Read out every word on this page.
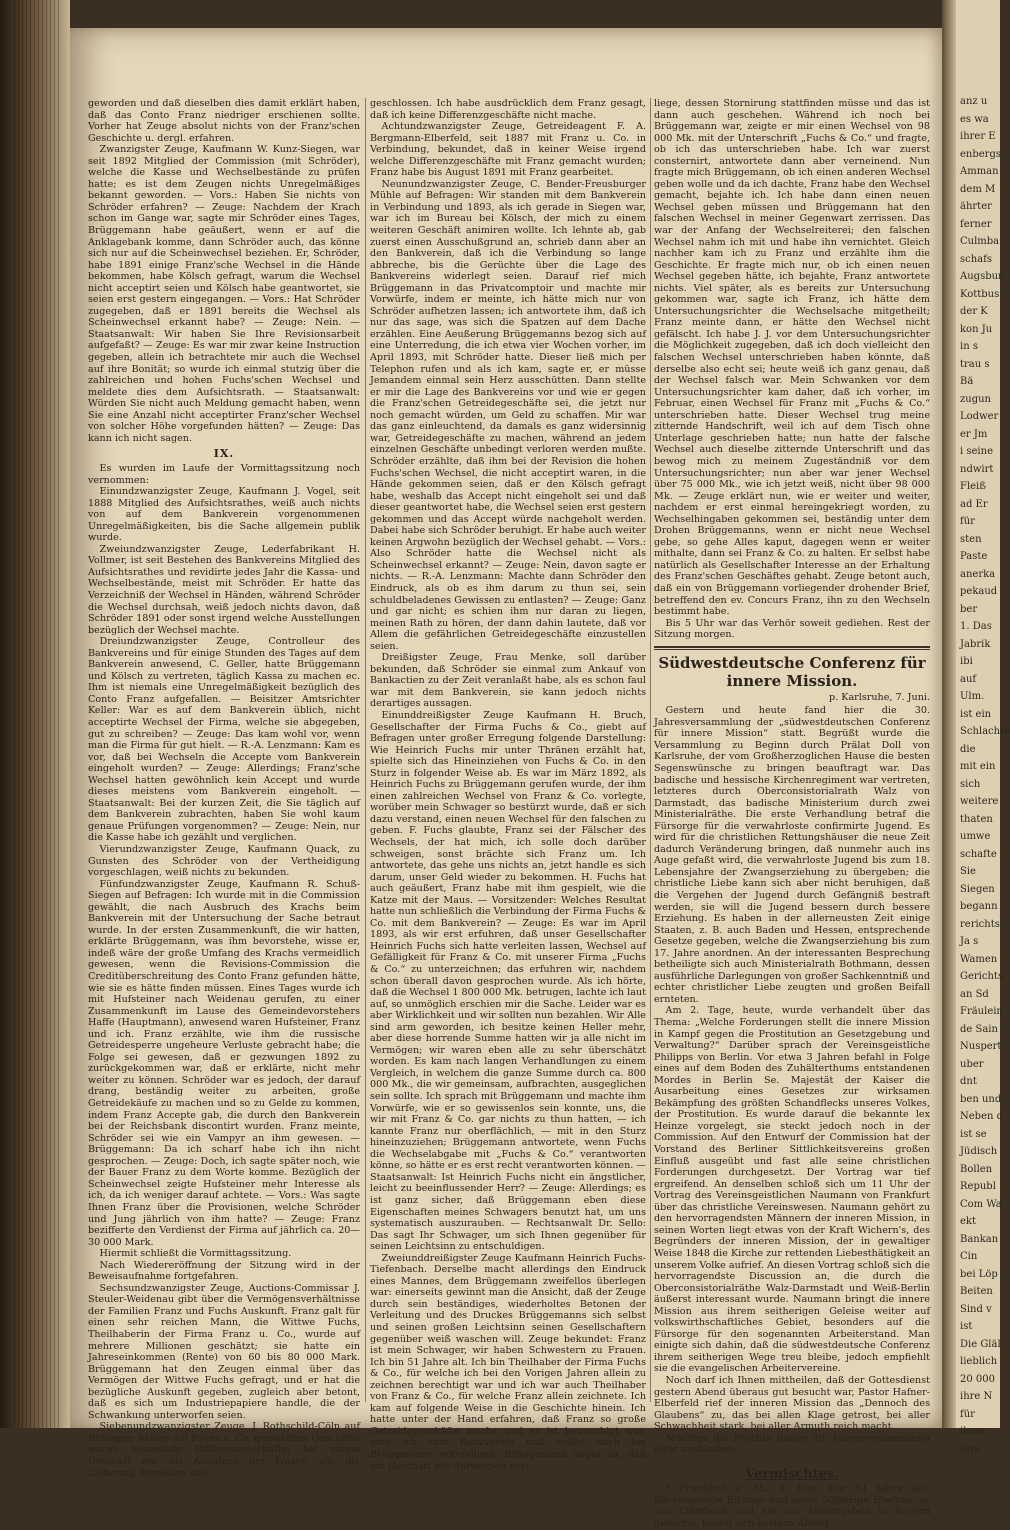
geworden und daß dieselben dies damit erklärt haben, daß das Conto Franz niedriger erschienen sollte. Vorher hat Zeuge absolut nichts von der Franz'schen Geschichte u. dergl. erfahren.

Zwanzigster Zeuge, Kaufmann W. Kunz-Siegen, war seit 1892 Mitglied der Commission (mit Schröder), welche die Kasse und Wechselbestände zu prüfen hatte; es ist dem Zeugen nichts Unregelmäßiges bekannt geworden. — Vors.: Haben Sie nichts von Schröder erfahren? — Zeuge: Nachdem der Krach schon im Gange war, sagte mir Schröder eines Tages, Brüggemann habe geäußert, wenn er auf die Anklagebank komme, dann Schröder auch, das könne sich nur auf die Scheinwechsel beziehen. Er, Schröder, habe 1891 einige Franz'sche Wechsel in die Hände bekommen, habe Kölsch gefragt, warum die Wechsel nicht acceptirt seien und Kölsch habe geantwortet, sie seien erst gestern eingegangen. — Vors.: Hat Schröder zugegeben, daß er 1891 bereits die Wechsel als Scheinwechsel erkannt habe? — Zeuge: Nein. — Staatsanwalt: Wir haben Sie Ihre Revisionsarbeit aufgefaßt? — Zeuge: Es war mir zwar keine Instruction gegeben, allein ich betrachtete mir auch die Wechsel auf ihre Bonität; so wurde ich einmal stutzig über die zahlreichen und hohen Fuchs'schen Wechsel und meldete dies dem Aufsichtsrath. — Staatsanwalt: Würden Sie nicht auch Meldung gemacht haben, wenn Sie eine Anzahl nicht acceptirter Franz'scher Wechsel von solcher Höhe vorgefunden hätten? — Zeuge: Das kann ich nicht sagen.

IX.

Es wurden im Laufe der Vormittagssitzung noch vernommen:

Einundzwanzigster Zeuge, Kaufmann J. Vogel, seit 1888 Mitglied des Aufsichtsrathes, weiß auch nichts von auf dem Bankverein vorgenommenen Unregelmäßigkeiten, bis die Sache allgemein publik wurde.

Zweiundzwanzigster Zeuge, Lederfabrikant H. Vollmer, ist seit Bestehen des Bankvereins Mitglied des Aufsichtsrathes und revidirte jedes Jahr die Kassa- und Wechselbestände, meist mit Schröder. Er hatte das Verzeichniß der Wechsel in Händen, während Schröder die Wechsel durchsah, weiß jedoch nichts davon, daß Schröder 1891 oder sonst irgend welche Ausstellungen bezüglich der Wechsel machte.

Dreiundzwanzigster Zeuge, Controlleur des Bankvereins und für einige Stunden des Tages auf dem Bankverein anwesend, C. Geller, hatte Brüggemann und Kölsch zu vertreten, täglich Kassa zu machen ec. Ihm ist niemals eine Unregelmäßigkeit bezüglich des Conto Franz aufgefallen. — Beisitzer Amtsrichter Keller: War es auf dem Bankverein üblich, nicht acceptirte Wechsel der Firma, welche sie abgegeben, gut zu schreiben? — Zeuge: Das kam wohl vor, wenn man die Firma für gut hielt. — R.-A. Lenzmann: Kam es vor, daß bei Wechseln die Accepte vom Bankverein eingeholt wurden? — Zeuge: Allerdings; Franz'sche Wechsel hatten gewöhnlich kein Accept und wurde dieses meistens vom Bankverein eingeholt. — Staatsanwalt: Bei der kurzen Zeit, die Sie täglich auf dem Bankverein zubrachten, haben Sie wohl kaum genaue Prüfungen vorgenommen? — Zeuge: Nein, nur die Kasse habe ich gezählt und verglichen.

Vierundzwanzigster Zeuge, Kaufmann Quack, zu Gunsten des Schröder von der Vertheidigung vorgeschlagen, weiß nichts zu bekunden.

Fünfundzwanzigster Zeuge, Kaufmann R. Schuß-Siegen auf Befragen: Ich wurde mit in die Commission gewählt, die nach Ausbruch des Krachs beim Bankverein mit der Untersuchung der Sache betraut wurde. In der ersten Zusammenkunft, die wir hatten, erklärte Brüggemann, was ihm bevorstehe, wisse er, indeß wäre der große Umfang des Krachs vermeidlich gewesen, wenn die Revisions-Commission die Creditüberschreitung des Conto Franz gefunden hätte, wie sie es hätte finden müssen. Eines Tages wurde ich mit Hufsteiner nach Weidenau gerufen, zu einer Zusammenkunft im Lause des Gemeindevorstehers Haffe (Hauptmann), anwesend waren Hufsteiner, Franz und ich. Franz erzählte, wie ihm die russische Getreidesperre ungeheure Verluste gebracht habe; die Folge sei gewesen, daß er gezwungen 1892 zu zurückgekommen war, daß er erklärte, nicht mehr weiter zu können. Schröder war es jedoch, der darauf drang, beständig weiter zu arbeiten, große Getreidekäufe zu machen und so zu Gelde zu kommen, indem Franz Accepte gab, die durch den Bankverein bei der Reichsbank discontirt wurden. Franz meinte, Schröder sei wie ein Vampyr an ihm gewesen. — Brüggemann: Da ich scharf habe ich ihn nicht gesprochen. — Zeuge: Doch, ich sagte später noch, wie der Bauer Franz zu dem Worte komme. Bezüglich der Scheinwechsel zeigte Hufsteiner mehr Interesse als ich, da ich weniger darauf achtete. — Vors.: Was sagte Ihnen Franz über die Provisionen, welche Schröder und Jung jährlich von ihm hatte? — Zeuge: Franz bezifferte den Verdienst der Firma auf jährlich ca. 20—30 000 Mark.

Hiermit schließt die Vormittagssitzung.

Nach Wiedereröffnung der Sitzung wird in der Beweisaufnahme fortgefahren.

Sechsundzwanzigster Zeuge, Auctions-Commissar J. Steuler-Weidenau gibt über die Vermögensverhältnisse der Familien Franz und Fuchs Auskunft. Franz galt für einen sehr reichen Mann, die Wittwe Fuchs, Theilhaberin der Firma Franz u. Co., wurde auf mehrere Millionen geschätzt; sie hatte ein Jahreseinkommen (Rente) von 60 bis 80 000 Mark. Brüggemann hat den Zeugen einmal über das Vermögen der Wittwe Fuchs gefragt, und er hat die bezügliche Auskunft gegeben, zugleich aber betont, daß es sich um Industriepapiere handle, die der Schwankung unterworfen seien.

Siebenundzwanzigster Zeuge, J. Rothschild-Cöln auf Befragen: Meine mit Franz u. Co. gemachten Geschäfte waren keinesfalls Differenzgeschäfte; bei einem Geschäft war die Abnahme der Waare, wie die Lieferung derselben aus-

geschlossen. Ich habe ausdrücklich dem Franz gesagt, daß ich keine Differenzgeschäfte nicht mache.

Achtundzwanzigster Zeuge, Getreideagent F. A. Bergmann-Elberfeld, seit 1887 mit Franz u. Co. in Verbindung, bekundet, daß in keiner Weise irgend welche Differenzgeschäfte mit Franz gemacht wurden; Franz habe bis August 1891 mit Franz gearbeitet.

Neunundzwanzigster Zeuge, C. Bender-Freusburger Mühle auf Befragen: Wir standen mit dem Bankverein in Verbindung und 1893, als ich gerade in Siegen war, war ich im Bureau bei Kölsch, der mich zu einem weiteren Geschäft animiren wollte. Ich lehnte ab, gab zuerst einen Ausschußgrund an, schrieb dann aber an den Bankverein, daß ich die Verbindung so lange abbreche, bis die Gerüchte über die Lage des Bankvereins widerlegt seien. Darauf rief mich Brüggemann in das Privatcomptoir und machte mir Vorwürfe, indem er meinte, ich hätte mich nur von Schröder aufhetzen lassen; ich antwortete ihm, daß ich nur das sage, was sich die Spatzen auf dem Dache erzählen. Eine Aeußerung Brüggemanns bezog sich auf eine Unterredung, die ich etwa vier Wochen vorher, im April 1893, mit Schröder hatte. Dieser ließ mich per Telephon rufen und als ich kam, sagte er, er müsse Jemandem einmal sein Herz ausschütten. Dann stellte er mir die Lage des Bankvereins vor und wie er gegen die Franz'schen Getreidegeschäfte sei, die jetzt nur noch gemacht würden, um Geld zu schaffen. Mir war das ganz einleuchtend, da damals es ganz widersinnig war, Getreidegeschäfte zu machen, während an jedem einzelnen Geschäfte unbedingt verloren werden mußte. Schröder erzählte, daß ihm bei der Revision die hohen Fuchs'schen Wechsel, die nicht acceptirt waren, in die Hände gekommen seien, daß er den Kölsch gefragt habe, weshalb das Accept nicht eingeholt sei und daß dieser geantwortet habe, die Wechsel seien erst gestern gekommen und das Accept würde nachgeholt werden. Dabei habe sich Schröder beruhigt. Er habe auch weiter keinen Argwohn bezüglich der Wechsel gehabt. — Vors.: Also Schröder hatte die Wechsel nicht als Scheinwechsel erkannt? — Zeuge: Nein, davon sagte er nichts. — R.-A. Lenzmann: Machte dann Schröder den Eindruck, als ob es ihm darum zu thun sei, sein schuldbeladenes Gewissen zu entlasten? — Zeuge: Ganz und gar nicht; es schien ihm nur daran zu liegen, meinen Rath zu hören, der dann dahin lautete, daß vor Allem die gefährlichen Getreidegeschäfte einzustellen seien.

Dreißigster Zeuge, Frau Menke, soll darüber bekunden, daß Schröder sie einmal zum Ankauf von Bankactien zu der Zeit veranlaßt habe, als es schon faul war mit dem Bankverein, sie kann jedoch nichts derartiges aussagen.

Einunddreißigster Zeuge Kaufmann H. Bruch, Gesellschafter der Firma Fuchs & Co., giebt auf Befragen unter großer Erregung folgende Darstellung: Wie Heinrich Fuchs mir unter Thränen erzählt hat, spielte sich das Hineinziehen von Fuchs & Co. in den Sturz in folgender Weise ab. Es war im März 1892, als Heinrich Fuchs zu Brüggemann gerufen wurde, der ihm einen zahlreichen Wechsel von Franz & Co. vorlegte, worüber mein Schwager so bestürzt wurde, daß er sich dazu verstand, einen neuen Wechsel für den falschen zu geben. F. Fuchs glaubte, Franz sei der Fälscher des Wechsels, der hat mich, ich solle doch darüber schweigen, sonst brächte sich Franz um. Ich antwortete, das gehe uns nichts an, jetzt handle es sich darum, unser Geld wieder zu bekommen. H. Fuchs hat auch geäußert, Franz habe mit ihm gespielt, wie die Katze mit der Maus. — Vorsitzender: Welches Resultat hatte nun schließlich die Verbindung der Firma Fuchs & Co. mit dem Bankverein? — Zeuge: Es war im April 1893, als wir erst erfuhren, daß unser Gesellschafter Heinrich Fuchs sich hatte verleiten lassen, Wechsel auf Gefälligkeit für Franz & Co. mit unserer Firma „Fuchs & Co.“ zu unterzeichnen; das erfuhren wir, nachdem schon überall davon gesprochen wurde. Als ich hörte, daß die Wechsel 1 800 000 Mk. betrugen, lachte ich laut auf, so unmöglich erschien mir die Sache. Leider war es aber Wirklichkeit und wir sollten nun bezahlen. Wir Alle sind arm geworden, ich besitze keinen Heller mehr, aber diese horrende Summe hatten wir ja alle nicht im Vermögen; wir waren eben alle zu sehr überschätzt worden. Es kam nach langen Verhandlungen zu einem Vergleich, in welchem die ganze Summe durch ca. 800 000 Mk., die wir gemeinsam, aufbrachten, ausgeglichen sein sollte. Ich sprach mit Brüggemann und machte ihm Vorwürfe, wie er so gewissenlos sein konnte, uns, die wir mit Franz & Co. gar nichts zu thun hatten, — ich kannte Franz nur oberflächlich, — mit in den Sturz hineinzuziehen; Brüggemann antwortete, wenn Fuchs die Wechselabgabe mit „Fuchs & Co.“ verantworten könne, so hätte er es erst recht verantworten können. — Staatsanwalt: Ist Heinrich Fuchs nicht ein ängstlicher, leicht zu beeinflussender Herr? — Zeuge: Allerdings; es ist ganz sicher, daß Brüggemann eben diese Eigenschaften meines Schwagers benutzt hat, um uns systematisch auszurauben. — Rechtsanwalt Dr. Sello: Das sagt Ihr Schwager, um sich Ihnen gegenüber für seinen Leichtsinn zu entschuldigen.

Zweiunddreißigster Zeuge Kaufmann Heinrich Fuchs-Tiefenbach. Derselbe macht allerdings den Eindruck eines Mannes, dem Brüggemann zweifellos überlegen war: einerseits gewinnt man die Ansicht, daß der Zeuge durch sein beständiges, wiederholtes Betonen der Verleitung und des Druckes Brüggemanns sich selbst und seinen großen Leichtsinn seinen Gesellschaftern gegenüber weiß waschen will. Zeuge bekundet: Franz ist mein Schwager, wir haben Schwestern zu Frauen. Ich bin 51 Jahre alt. Ich bin Theilhaber der Firma Fuchs & Co., für welche ich bei den Vorigen Jahren allein zu zeichnen berechtigt war und ich war auch Theilhaber von Franz & Co., für welche Franz allein zeichnete. Ich kam auf folgende Weise in die Geschichte hinein. Ich hatte unter der Hand erfahren, daß Franz so große Getreidegeschäfte mache und es ist beunruhigt war, ging ich zum Bankverein und wollte mich bei Brüggemann erkundigen. Brüggemann sagte zu, daß ein Geschäft mit Antwerpen vor-

liege, dessen Stornirung stattfinden müsse und das ist dann auch geschehen. Während ich noch bei Brüggemann war, zeigte er mir einen Wechsel von 98 000 Mk. mit der Unterschrift „Fuchs & Co.“ und fragte, ob ich das unterschrieben habe. Ich war zuerst consternirt, antwortete dann aber verneinend. Nun fragte mich Brüggemann, ob ich einen anderen Wechsel geben wolle und da ich dachte, Franz habe den Wechsel gemacht, bejahte ich. Ich habe dann einen neuen Wechsel geben müssen und Brüggemann hat den falschen Wechsel in meiner Gegenwart zerrissen. Das war der Anfang der Wechselreiterei; den falschen Wechsel nahm ich mit und habe ihn vernichtet. Gleich nachher kam ich zu Franz und erzählte ihm die Geschichte. Er fragte mich nur, ob ich einen neuen Wechsel gegeben hätte, ich bejahte, Franz antwortete nichts. Viel später, als es bereits zur Untersuchung gekommen war, sagte ich Franz, ich hätte dem Untersuchungsrichter die Wechselsache mitgetheilt; Franz meinte dann, er hätte den Wechsel nicht gefälscht. Ich habe J. J. vor dem Untersuchungsrichter die Möglichkeit zugegeben, daß ich doch vielleicht den falschen Wechsel unterschrieben haben könnte, daß derselbe also echt sei; heute weiß ich ganz genau, daß der Wechsel falsch war. Mein Schwanken vor dem Untersuchungsrichter kam daher, daß ich vorher, im Februar, einen Wechsel für Franz mit „Fuchs & Co.“ unterschrieben hatte. Dieser Wechsel trug meine zitternde Handschrift, weil ich auf dem Tisch ohne Unterlage geschrieben hatte; nun hatte der falsche Wechsel auch dieselbe zitternde Unterschrift und das bewog mich zu meinem Zugeständniß vor dem Untersuchungsrichter; nun aber war jener Wechsel über 75 000 Mk., wie ich jetzt weiß, nicht über 98 000 Mk. — Zeuge erklärt nun, wie er weiter und weiter, nachdem er erst einmal hereingekriegt worden, zu Wechselhingaben gekommen sei, beständig unter dem Drohen Brüggemanns, wenn er nicht neue Wechsel gebe, so gehe Alles kaput, dagegen wenn er weiter mithalte, dann sei Franz & Co. zu halten. Er selbst habe natürlich als Gesellschafter Interesse an der Erhaltung des Franz'schen Geschäftes gehabt. Zeuge betont auch, daß ein von Brüggemann vorliegender drohender Brief, betreffend den ev. Concurs Franz, ihn zu den Wechseln bestimmt habe.

Bis 5 Uhr war das Verhör soweit gediehen. Rest der Sitzung morgen.

Südwestdeutsche Conferenz für innere Mission.
p. Karlsruhe, 7. Juni.

Gestern und heute fand hier die 30. Jahresversammlung der „südwestdeutschen Conferenz für innere Mission“ statt. Begrüßt wurde die Versammlung zu Beginn durch Prälat Doll von Karlsruhe, der vom Großherzoglichen Hause die besten Segenswünsche zu bringen beauftragt war. Das badische und hessische Kirchenregiment war vertreten, letzteres durch Oberconsistorialrath Walz von Darmstadt, das badische Ministerium durch zwei Ministerialräthe. Die erste Verhandlung betraf die Fürsorge für die verwahrloste confirmirte Jugend. Es wird für die christlichen Rettungshäuser die neue Zeit dadurch Veränderung bringen, daß nunmehr auch ins Auge gefaßt wird, die verwahrloste Jugend bis zum 18. Lebensjahre der Zwangserziehung zu übergeben; die christliche Liebe kann sich aber nicht beruhigen, daß die Vergehen der Jugend durch Gefängniß bestraft werden, sie will die Jugend bessern durch bessere Erziehung. Es haben in der allerneusten Zeit einige Staaten, z. B. auch Baden und Hessen, entsprechende Gesetze gegeben, welche die Zwangserziehung bis zum 17. Jahre anordnen. An der interessanten Besprechung betheiligte sich auch Ministerialrath Bothmann, dessen ausführliche Darlegungen von großer Sachkenntniß und echter christlicher Liebe zeugten und großen Beifall ernteten.

Am 2. Tage, heute, wurde verhandelt über das Thema: „Welche Forderungen stellt die innere Mission in Kampf gegen die Prostitution an Gesetzgebung und Verwaltung?“ Darüber sprach der Vereinsgeistliche Philipps von Berlin. Vor etwa 3 Jahren befahl in Folge eines auf dem Boden des Zuhälterthums entstandenen Mordes in Berlin Se. Majestät der Kaiser die Ausarbeitung eines Gesetzes zur wirksamen Bekämpfung des größten Schandflecks unseres Volkes, der Prostitution. Es wurde darauf die bekannte lex Heinze vorgelegt, sie steckt jedoch noch in der Commission. Auf den Entwurf der Commission hat der Vorstand des Berliner Sittlichkeitsvereins großen Einfluß ausgeübt und fast alle seine christlichen Forderungen durchgesetzt. Der Vortrag war tief ergreifend. An denselben schloß sich um 11 Uhr der Vortrag des Vereinsgeistlichen Naumann von Frankfurt über das christliche Vereinswesen. Naumann gehört zu den hervorragendsten Männern der inneren Mission, in seinen Worten liegt etwas von der Kraft Wichern's, des Begründers der inneren Mission, der in gewaltiger Weise 1848 die Kirche zur rettenden Liebesthätigkeit an unserem Volke aufrief. An diesen Vortrag schloß sich die hervorragendste Discussion an, die durch die Oberconsistorialräthe Walz-Darmstadt und Weiß-Berlin äußerst interessant wurde. Naumann bringt die innere Mission aus ihrem seitherigen Geleise weiter auf volkswirthschaftliches Gebiet, besonders auf die Fürsorge für den sogenannten Arbeiterstand. Man einigte sich dahin, daß die südwestdeutsche Conferenz ihrem seitherigen Wege treu bleibe, jedoch empfiehlt sie die evangelischen Arbeitervereine.

Noch darf ich Ihnen mittheilen, daß der Gottesdienst gestern Abend überaus gut besucht war, Pastor Hafner-Elberfeld rief der inneren Mission das „Dennoch des Glaubens“ zu, das bei allen Klage getrost, bei aller Schwachheit stark, bei aller Armuth reich macht.

Möchten die Früchte dieser 30. Jahresversammlung nicht ausbleiben.

Vermischtes.

* Frankfurt a. M., 6. Juni. Der 51 Jahre alte Bäckergeselle Eichner und seine 50jährige Ehefrau, er aus Culmbach und sie aus Heidingsfeld in Bayern gebürtig, haben sich gestern Abend

anz u
es wa
ihrer E
enbergs
Amman
dem M
ährter
ferner
Culmba
schafs
Augsbur
Kottbus
der K
kon Ju
in s
trau s
Bä
zugun
Lodwer
er Jm
i seine
ndwirt
Fleiß
ad Er
für
sten
Paste
anerka
pekaud
ber
1. Das
Jabrik
ibi
auf
Ulm.
ist ein
Schlachte
die
mit ein
sich
weitere
thaten
umwe
schafte
Sie
Siegen
begann
rerichts
Ja s
Wamen
Gerichts
an Sd
Fräulein
de Sain
Nuspert
uber
dnt
ben und
Neben d
ist se
Jüdisch
Bollen
Republ
Com Wa
ekt
Bankan
Cin
bei Löp
Beiten
Sind v
ist
Die Gläl
lieblich
20 000
ihre N
für
ilmer
ihre
